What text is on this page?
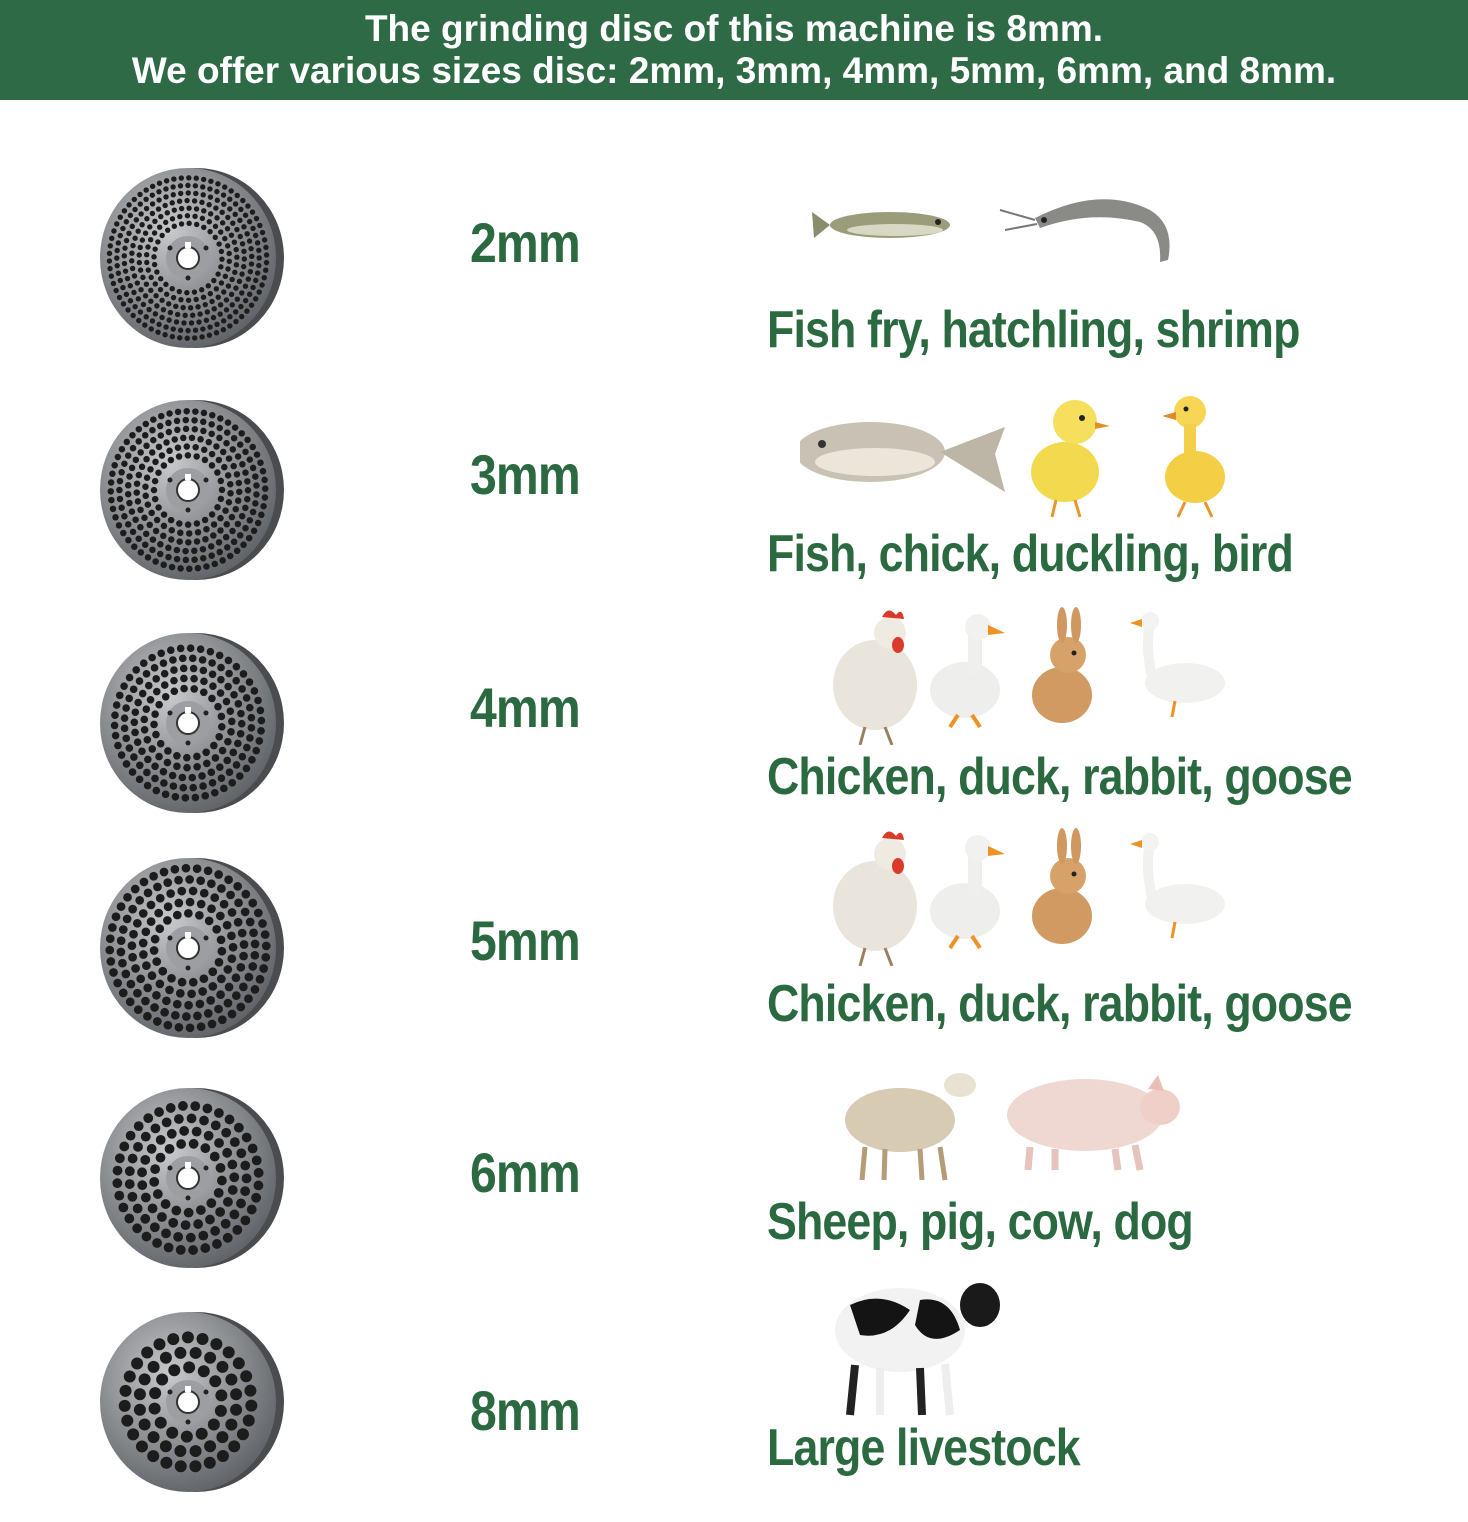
The grinding disc of this machine is 8mm.
We offer various sizes disc: 2mm, 3mm, 4mm, 5mm, 6mm, and 8mm.
2mm
Fish fry, hatchling, shrimp
3mm
Fish, chick, duckling, bird
4mm
Chicken, duck, rabbit, goose
5mm
Chicken, duck, rabbit, goose
6mm
Sheep, pig, cow, dog
8mm
Large livestock
